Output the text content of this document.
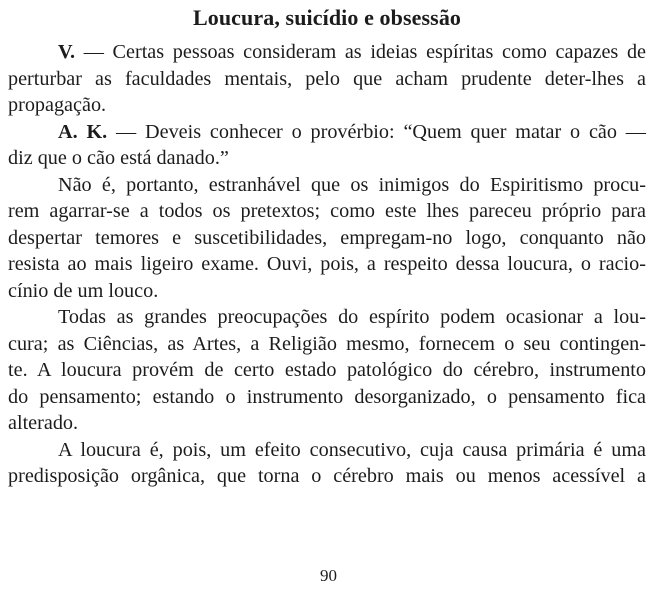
Loucura, suicídio e obsessão
V. — Certas pessoas consideram as ideias espíritas como capazes de
perturbar as faculdades mentais, pelo que acham prudente deter-lhes a
propagação.
A. K. — Deveis conhecer o provérbio: “Quem quer matar o cão —
diz que o cão está danado.”
Não é, portanto, estranhável que os inimigos do Espiritismo procu-
rem agarrar-se a todos os pretextos; como este lhes pareceu próprio para
despertar temores e suscetibilidades, empregam-no logo, conquanto não
resista ao mais ligeiro exame. Ouvi, pois, a respeito dessa loucura, o racio-
cínio de um louco.
Todas as grandes preocupações do espírito podem ocasionar a lou-
cura; as Ciências, as Artes, a Religião mesmo, fornecem o seu contingen-
te. A loucura provém de certo estado patológico do cérebro, instrumento
do pensamento; estando o instrumento desorganizado, o pensamento fica
alterado.
A loucura é, pois, um efeito consecutivo, cuja causa primária é uma
predisposição orgânica, que torna o cérebro mais ou menos acessível a
90
